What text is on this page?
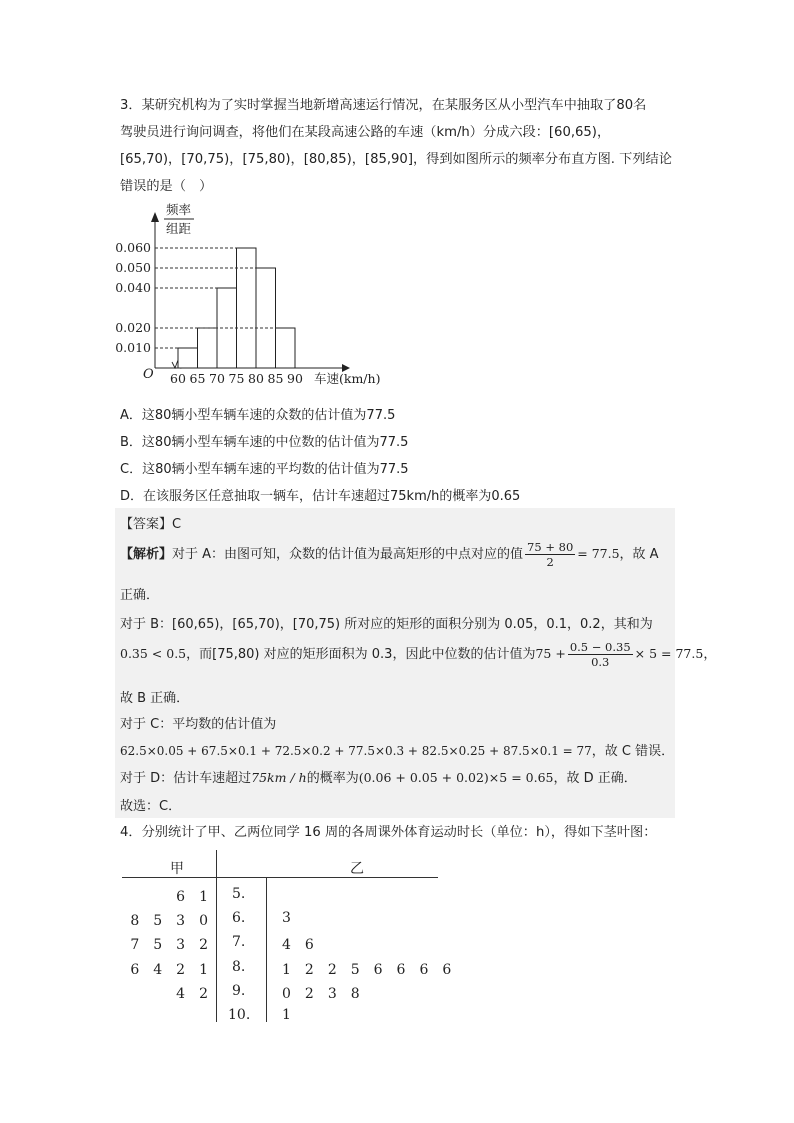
3．某研究机构为了实时掌握当地新增高速运行情况，在某服务区从小型汽车中抽取了80名
驾驶员进行询问调查，将他们在某段高速公路的车速（km/h）分成六段：[60,65)，
[65,70)，[70,75)，[75,80)，[80,85)，[85,90]，得到如图所示的频率分布直方图. 下列结论
错误的是（　）
0.010
0.020
0.040
0.050
0.060
60 65 70 75 80 85 90
O	车速(km/h)
频率
组距
A．这80辆小型车辆车速的众数的估计值为77.5
B．这80辆小型车辆车速的中位数的估计值为77.5
C．这80辆小型车辆车速的平均数的估计值为77.5
D．在该服务区任意抽取一辆车，估计车速超过75km/h的概率为0.65
【答案】C
【解析】对于 A：由图可知，众数的估计值为最高矩形的中点对应的值 $\frac{75 + 80}{2} = 77.5$，故 A
正确．
对于 B：[60,65)，[65,70)，[70,75) 所对应的矩形的面积分别为 0.05，0.1，0.2，其和为
0.35 < 0.5，而[75,80) 对应的矩形面积为 0.3，因此中位数的估计值为$75 + \frac{0.5 - 0.35}{0.3} \times 5 = 77.5$，
故 B 正确．
对于 C：平均数的估计值为
62.5×0.05 + 67.5×0.1 + 72.5×0.2 + 77.5×0.3 + 82.5×0.25 + 87.5×0.1 = 77，故 C 错误．
对于 D：估计车速超过75km / h的概率为(0.06 + 0.05 + 0.02)×5 = 0.65，故 D 正确．
故选：C．
4．分别统计了甲、乙两位同学 16 周的各周课外体育运动时长（单位：h），得如下茎叶图：
甲	乙
6　1 5.
8　5　3　0 6.	3
7　5　3　2 7.	4　6
6　4　2　1 8.	1　2　2　5　6　6　6　6
4　2 9.	0　2　3　8
10. 1
